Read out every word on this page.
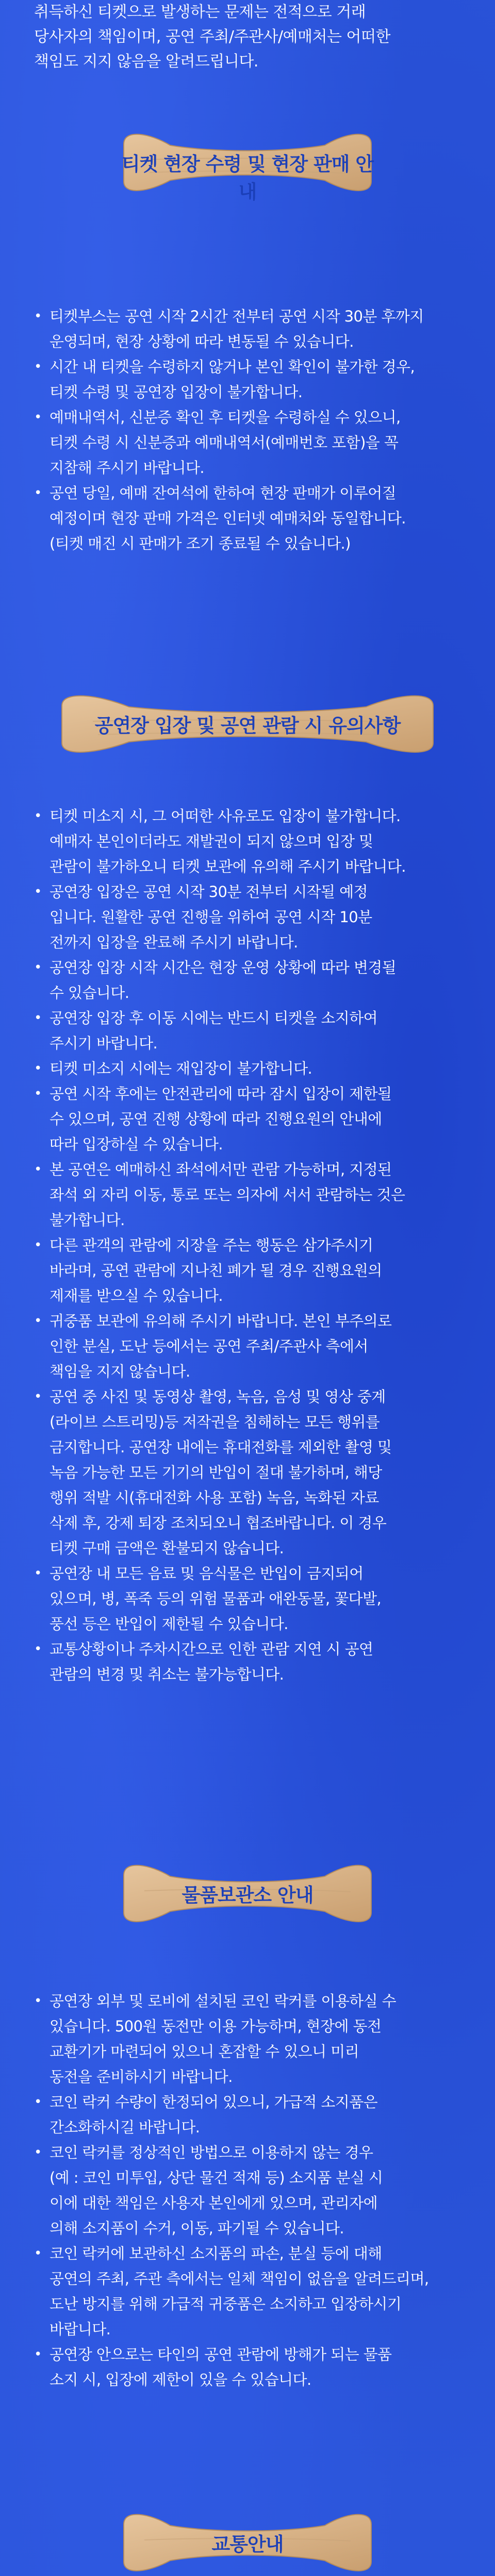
취득하신 티켓으로 발생하는 문제는 전적으로 거래

당사자의 책임이며, 공연 주최/주관사/예매처는 어떠한

책임도 지지 않음을 알려드립니다.

티켓 현장 수령 및 현장 판매 안내
• 티켓부스는 공연 시작 2시간 전부터 공연 시작 30분 후까지
운영되며, 현장 상황에 따라 변동될 수 있습니다.
• 시간 내 티켓을 수령하지 않거나 본인 확인이 불가한 경우,
티켓 수령 및 공연장 입장이 불가합니다.
• 예매내역서, 신분증 확인 후 티켓을 수령하실 수 있으니,
티켓 수령 시 신분증과 예매내역서(예매번호 포함)을 꼭
지참해 주시기 바랍니다.
• 공연 당일, 예매 잔여석에 한하여 현장 판매가 이루어질
예정이며 현장 판매 가격은 인터넷 예매처와 동일합니다.
(티켓 매진 시 판매가 조기 종료될 수 있습니다.)
공연장 입장 및 공연 관람 시 유의사항
• 티켓 미소지 시, 그 어떠한 사유로도 입장이 불가합니다.
예매자 본인이더라도 재발권이 되지 않으며 입장 및
관람이 불가하오니 티켓 보관에 유의해 주시기 바랍니다.
• 공연장 입장은 공연 시작 30분 전부터 시작될 예정
입니다. 원활한 공연 진행을 위하여 공연 시작 10분
전까지 입장을 완료해 주시기 바랍니다.
• 공연장 입장 시작 시간은 현장 운영 상황에 따라 변경될
수 있습니다.
• 공연장 입장 후 이동 시에는 반드시 티켓을 소지하여
주시기 바랍니다.
• 티켓 미소지 시에는 재입장이 불가합니다.
• 공연 시작 후에는 안전관리에 따라 잠시 입장이 제한될
수 있으며, 공연 진행 상황에 따라 진행요원의 안내에
따라 입장하실 수 있습니다.
• 본 공연은 예매하신 좌석에서만 관람 가능하며, 지정된
좌석 외 자리 이동, 통로 또는 의자에 서서 관람하는 것은
불가합니다.
• 다른 관객의 관람에 지장을 주는 행동은 삼가주시기
바라며, 공연 관람에 지나친 폐가 될 경우 진행요원의
제재를 받으실 수 있습니다.
• 귀중품 보관에 유의해 주시기 바랍니다. 본인 부주의로
인한 분실, 도난 등에서는 공연 주최/주관사 측에서
책임을 지지 않습니다.
• 공연 중 사진 및 동영상 촬영, 녹음, 음성 및 영상 중계
(라이브 스트리밍)등 저작권을 침해하는 모든 행위를
금지합니다. 공연장 내에는 휴대전화를 제외한 촬영 및
녹음 가능한 모든 기기의 반입이 절대 불가하며, 해당
행위 적발 시(휴대전화 사용 포함) 녹음, 녹화된 자료
삭제 후, 강제 퇴장 조치되오니 협조바랍니다. 이 경우
티켓 구매 금액은 환불되지 않습니다.
• 공연장 내 모든 음료 및 음식물은 반입이 금지되어
있으며, 병, 폭죽 등의 위험 물품과 애완동물, 꽃다발,
풍선 등은 반입이 제한될 수 있습니다.
• 교통상황이나 주차시간으로 인한 관람 지연 시 공연
관람의 변경 및 취소는 불가능합니다.
물품보관소 안내
• 공연장 외부 및 로비에 설치된 코인 락커를 이용하실 수
있습니다. 500원 동전만 이용 가능하며, 현장에 동전
교환기가 마련되어 있으니 혼잡할 수 있으니 미리
동전을 준비하시기 바랍니다.
• 코인 락커 수량이 한정되어 있으니, 가급적 소지품은
간소화하시길 바랍니다.
• 코인 락커를 정상적인 방법으로 이용하지 않는 경우
(예 : 코인 미투입, 상단 물건 적재 등) 소지품 분실 시
이에 대한 책임은 사용자 본인에게 있으며, 관리자에
의해 소지품이 수거, 이동, 파기될 수 있습니다.
• 코인 락커에 보관하신 소지품의 파손, 분실 등에 대해
공연의 주최, 주관 측에서는 일체 책임이 없음을 알려드리며,
도난 방지를 위해 가급적 귀중품은 소지하고 입장하시기
바랍니다.
• 공연장 안으로는 타인의 공연 관람에 방해가 되는 물품
소지 시, 입장에 제한이 있을 수 있습니다.
교통안내
